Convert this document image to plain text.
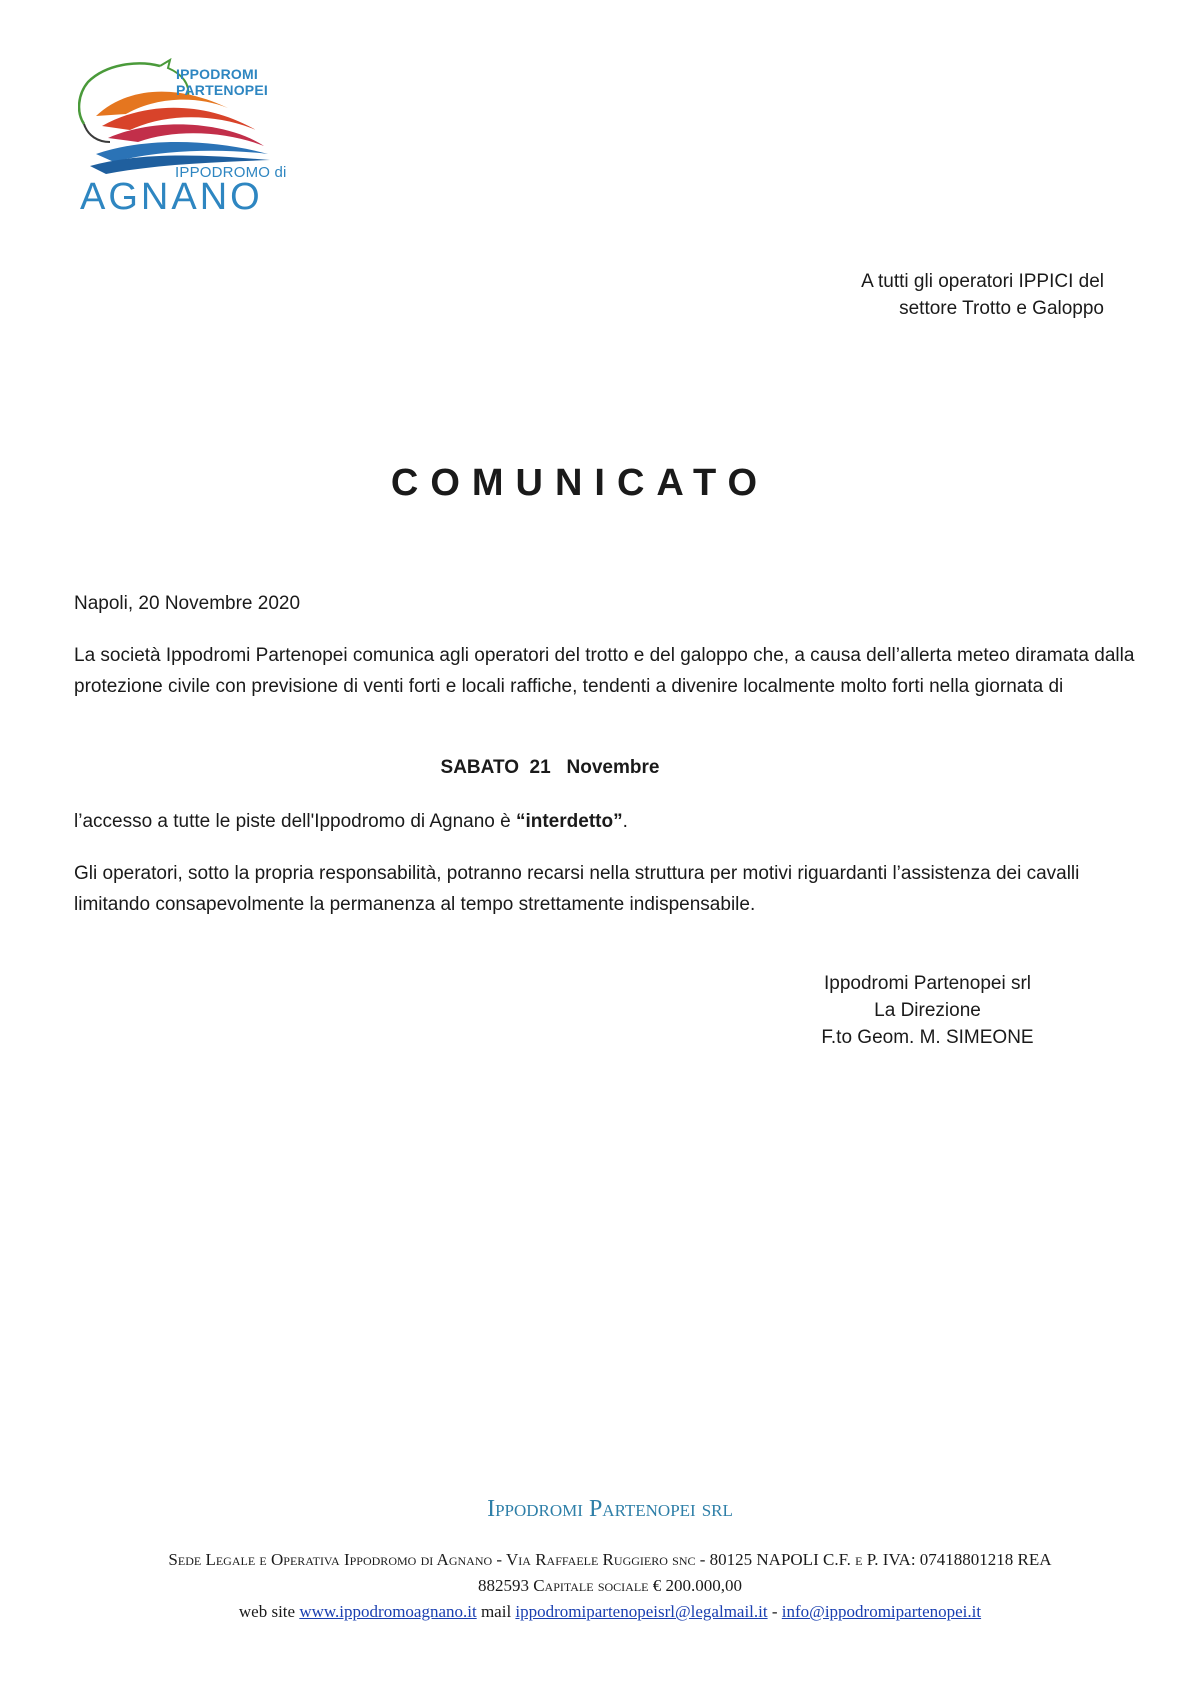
IPPODROMI
PARTENOPEI
IPPODROMO di
AGNANO
A tutti gli operatori IPPICI del
settore Trotto e Galoppo
COMUNICATO
Napoli, 20 Novembre 2020
La società Ippodromi Partenopei comunica agli operatori del trotto e del galoppo che, a causa dell’allerta meteo diramata dalla protezione civile con previsione di venti forti e locali raffiche, tendenti a divenire localmente molto forti nella giornata di
SABATO  21   Novembre
l’accesso a tutte le piste dell'Ippodromo di Agnano è “interdetto”.
Gli operatori, sotto la propria responsabilità, potranno recarsi nella struttura per motivi riguardanti l’assistenza dei cavalli limitando consapevolmente la permanenza al tempo strettamente indispensabile.
Ippodromi Partenopei srl
La Direzione
F.to Geom. M. SIMEONE
Ippodromi Partenopei srl
Sede Legale e Operativa Ippodromo di Agnano - Via Raffaele Ruggiero snc - 80125 NAPOLI C.F. e P. IVA: 07418801218 REA
882593 Capitale sociale € 200.000,00
web site www.ippodromoagnano.it mail ippodromipartenopeisrl@legalmail.it - info@ippodromipartenopei.it
